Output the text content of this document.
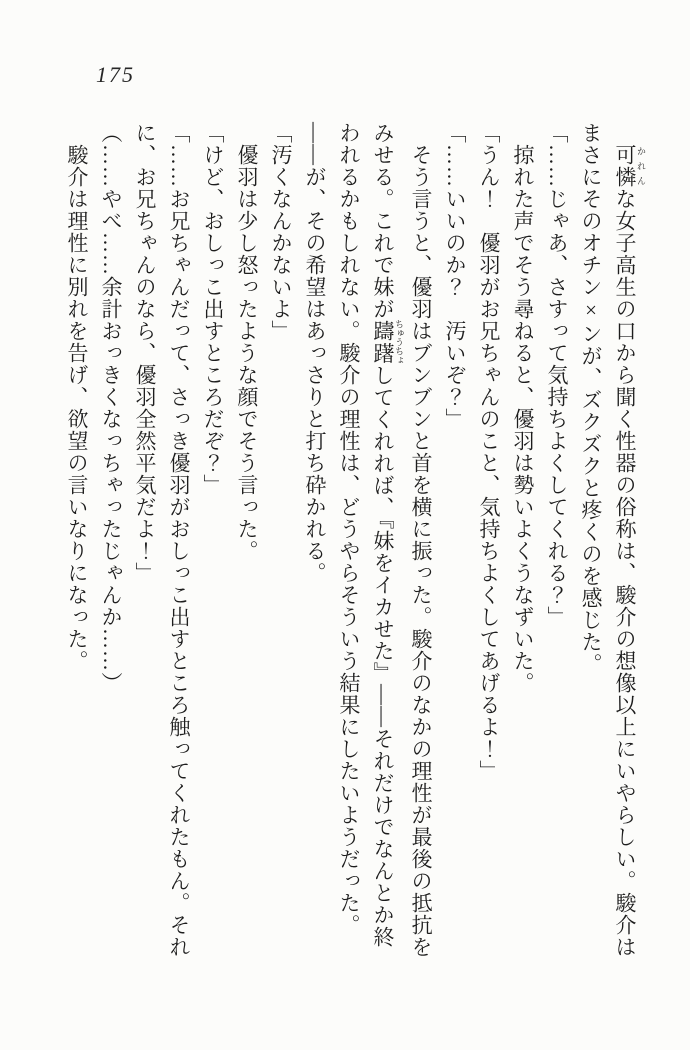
175

可憐 かれんな女子高生の口から聞く性器の俗称は、駿介の想像以上にいやらしい。駿介は

まさにそのオチン×ンが、ズクズクと疼くのを感じた。

「……じゃあ、さすって気持ちよくしてくれる？」

掠れた声でそう尋ねると、優羽は勢いよくうなずいた。

「うん！　優羽がお兄ちゃんのこと、気持ちよくしてあげるよ！」

「……いいのか？　汚いぞ？」

そう言うと、優羽はブンブンと首を横に振った。駿介のなかの理性が最後の抵抗を

みせる。これで妹が躊躇 ちゅうちょしてくれれば、『妹をイカせた』――それだけでなんとか終

われるかもしれない。駿介の理性は、どうやらそういう結果にしたいようだった。

――が、その希望はあっさりと打ち砕かれる。

「汚くなんかないよ」

優羽は少し怒ったような顔でそう言った。

「けど、おしっこ出すところだぞ？」

「……お兄ちゃんだって、さっき優羽がおしっこ出すところ触ってくれたもん。それ

に、お兄ちゃんのなら、優羽全然平気だよ！」

（……やべ……余計おっきくなっちゃったじゃんか……）

駿介は理性に別れを告げ、欲望の言いなりになった。
